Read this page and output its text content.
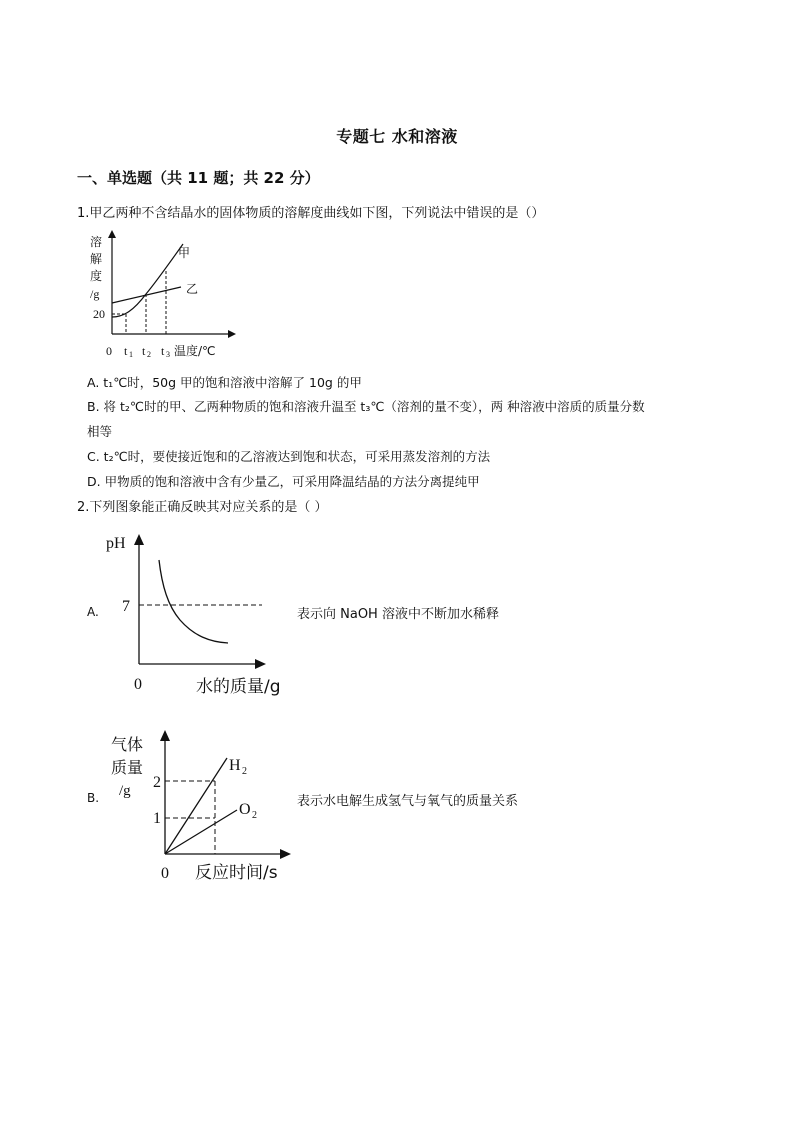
专题七 水和溶液
一、单选题（共 11 题；共 22 分）
1.甲乙两种不含结晶水的固体物质的溶解度曲线如下图，下列说法中错误的是（）
溶
解
度
/g
20
0 t 1 t 2 t 3 温度/℃
甲
乙
A. t₁℃时，50g 甲的饱和溶液中溶解了 10g 的甲
B. 将 t₂℃时的甲、乙两种物质的饱和溶液升温至 t₃℃（溶剂的量不变），两 种溶液中溶质的质量分数
相等
C. t₂℃时，要使接近饱和的乙溶液达到饱和状态，可采用蒸发溶剂的方法
D. 甲物质的饱和溶液中含有少量乙，可采用降温结晶的方法分离提纯甲
2.下列图象能正确反映其对应关系的是（ ）
A.
pH
7
0	水的质量/g
表示向 NaOH 溶液中不断加水稀释
B.
气体
质量
/g 2
1
0 反应时间/s
H 2
O 2
表示水电解生成氢气与氧气的质量关系
